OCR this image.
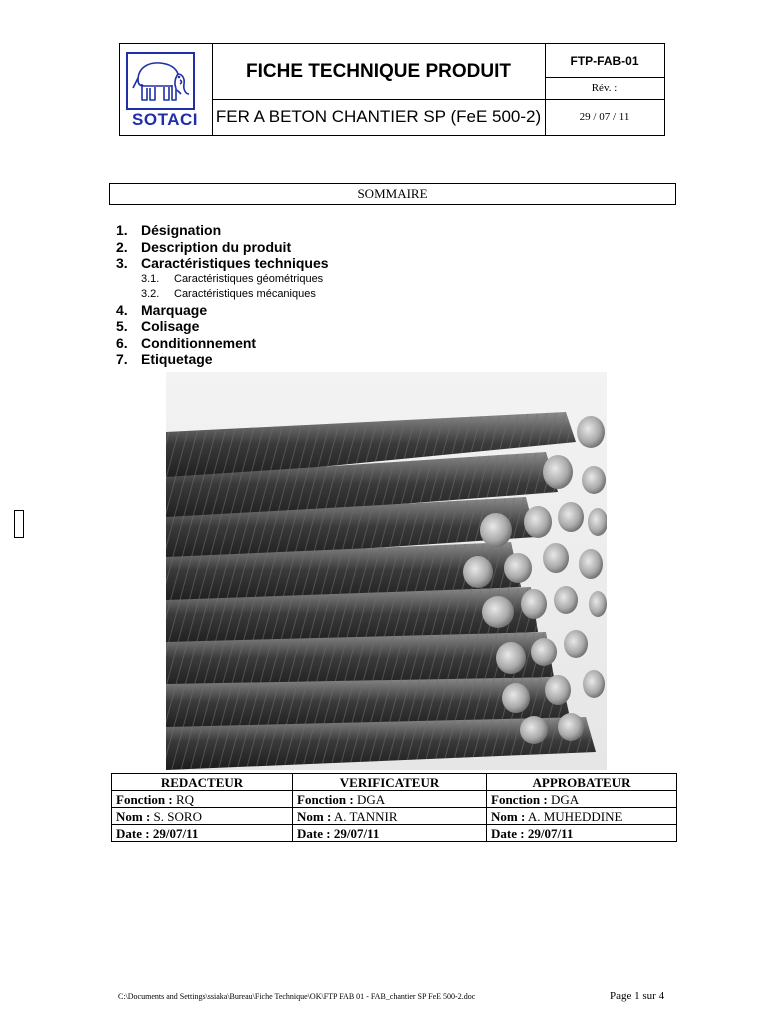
SOTACI
FICHE TECHNIQUE PRODUIT
FER A BETON CHANTIER SP (FeE 500-2)
FTP-FAB-01
Rév. :
29 / 07 / 11
SOMMAIRE
1. Désignation
2. Description du produit
3. Caractéristiques techniques
3.1.	Caractéristiques géométriques
3.2.	Caractéristiques mécaniques
4. Marquage
5. Colisage
6. Conditionnement
7. Etiquetage
REDACTEUR	VERIFICATEUR	APPROBATEUR
Fonction : RQ	Fonction : DGA	Fonction : DGA
Nom : S. SORO	Nom : A. TANNIR	Nom : A. MUHEDDINE
Date : 29/07/11	Date : 29/07/11	Date : 29/07/11
C:\Documents and Settings\ssiaka\Bureau\Fiche Technique\OK\FTP FAB 01 - FAB_chantier SP FeE 500-2.doc	Page 1 sur 4
